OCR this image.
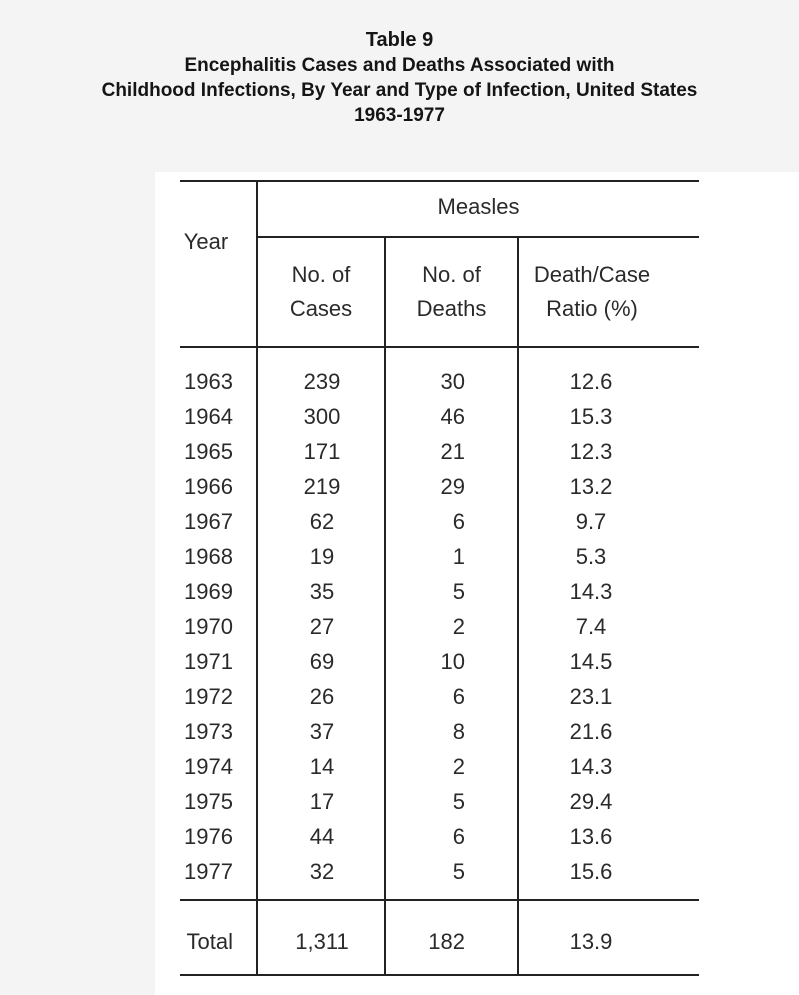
Table 9
Encephalitis Cases and Deaths Associated with
Childhood Infections, By Year and Type of Infection, United States
1963-1977
Measles
Year
No. of
Cases
No. of
Deaths
Death/Case
Ratio (%)
1963	239	30	12.6
1964	300	46	15.3
1965	171	21	12.3
1966	219	29	13.2
1967	62	6	9.7
1968	19	1	5.3
1969	35	5	14.3
1970	27	2	7.4
1971	69	10	14.5
1972	26	6	23.1
1973	37	8	21.6
1974	14	2	14.3
1975	17	5	29.4
1976	44	6	13.6
1977	32	5	15.6
Total	1,311	182	13.9
